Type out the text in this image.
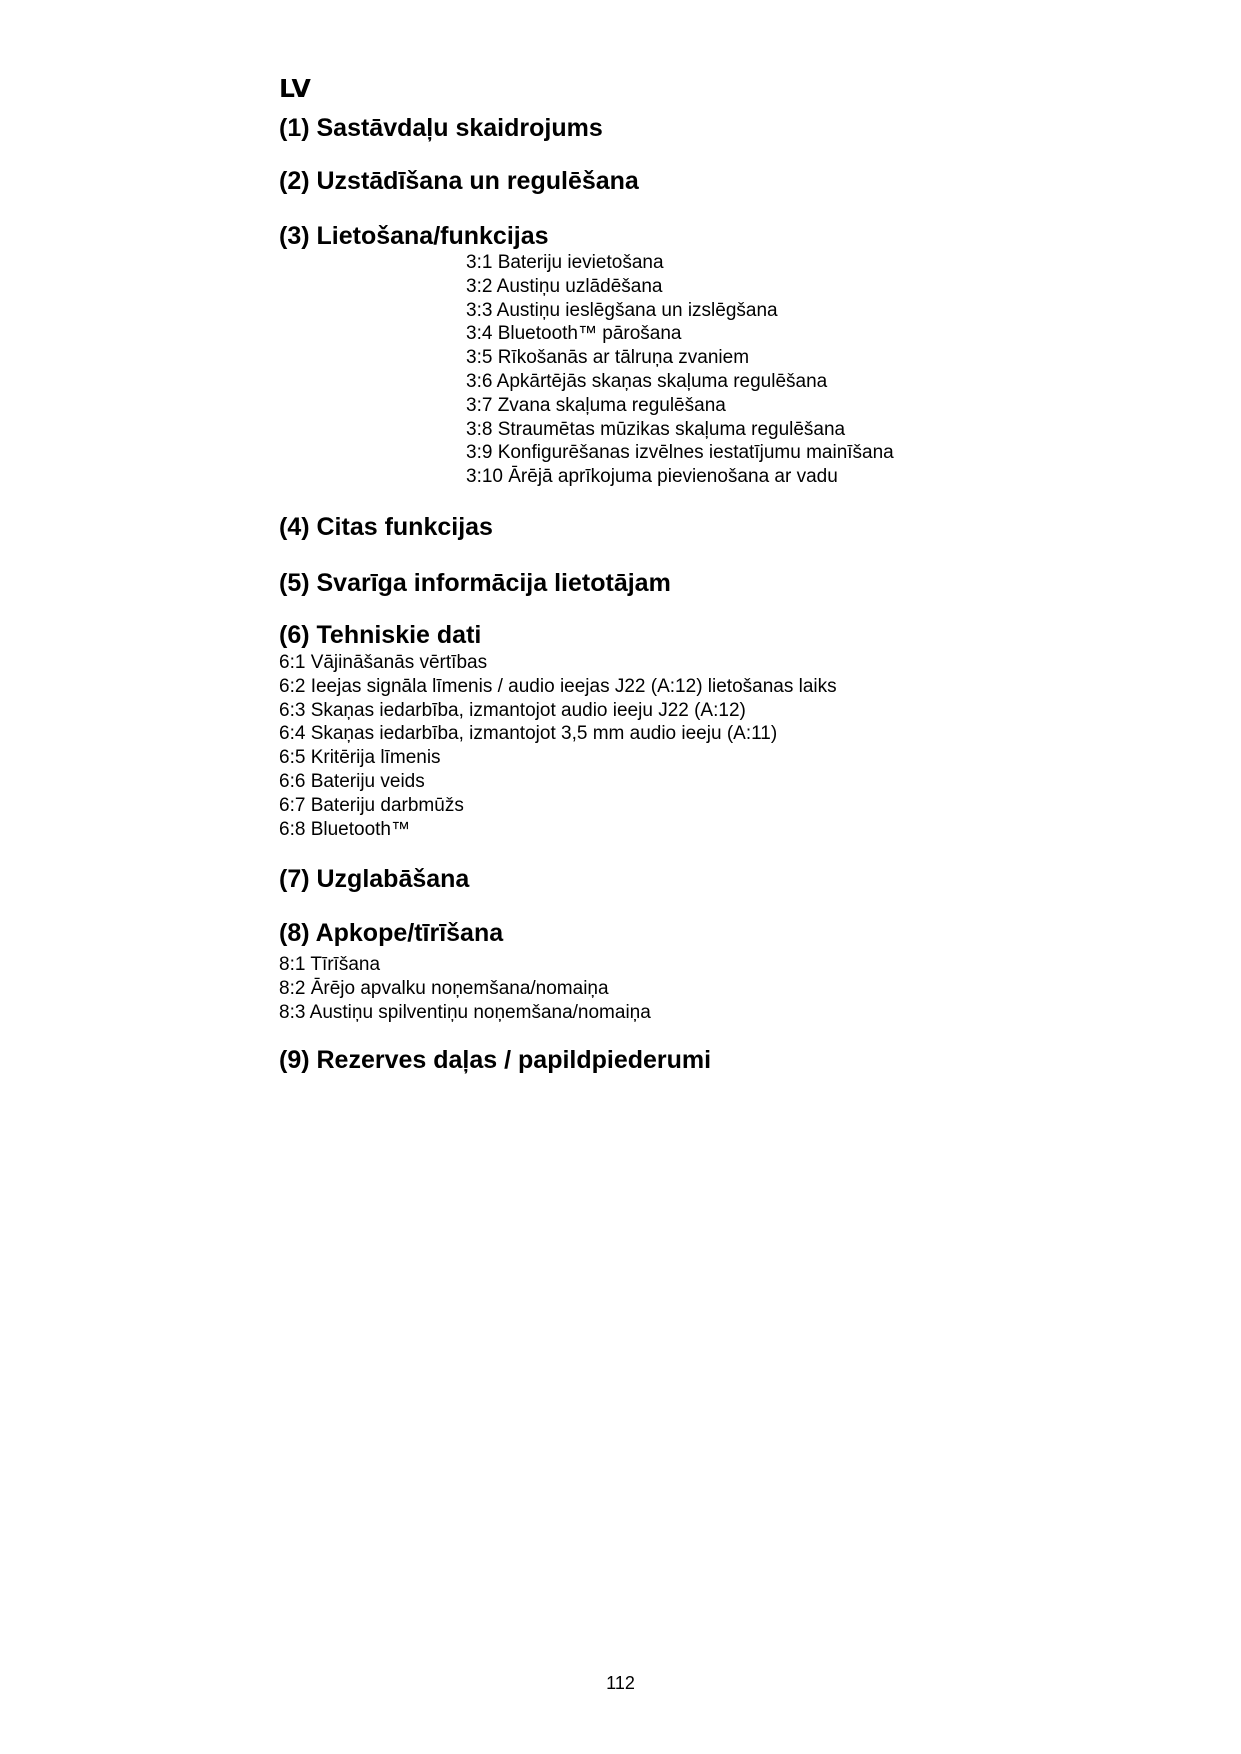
LV
(1) Sastāvdaļu skaidrojums
(2) Uzstādīšana un regulēšana
(3) Lietošana/funkcijas
3:1 Bateriju ievietošana
3:2 Austiņu uzlādēšana
3:3 Austiņu ieslēgšana un izslēgšana
3:4 Bluetooth™ pārošana
3:5 Rīkošanās ar tālruņa zvaniem
3:6 Apkārtējās skaņas skaļuma regulēšana
3:7 Zvana skaļuma regulēšana
3:8 Straumētas mūzikas skaļuma regulēšana
3:9 Konfigurēšanas izvēlnes iestatījumu mainīšana
3:10 Ārējā aprīkojuma pievienošana ar vadu
(4) Citas funkcijas
(5) Svarīga informācija lietotājam
(6) Tehniskie dati
6:1 Vājināšanās vērtības
6:2 Ieejas signāla līmenis / audio ieejas J22 (A:12) lietošanas laiks
6:3 Skaņas iedarbība, izmantojot audio ieeju J22 (A:12)
6:4 Skaņas iedarbība, izmantojot 3,5 mm audio ieeju (A:11)
6:5 Kritērija līmenis
6:6 Bateriju veids
6:7 Bateriju darbmūžs
6:8 Bluetooth™
(7) Uzglabāšana
(8) Apkope/tīrīšana
8:1 Tīrīšana
8:2 Ārējo apvalku noņemšana/nomaiņa
8:3 Austiņu spilventiņu noņemšana/nomaiņa
(9) Rezerves daļas / papildpiederumi
112
